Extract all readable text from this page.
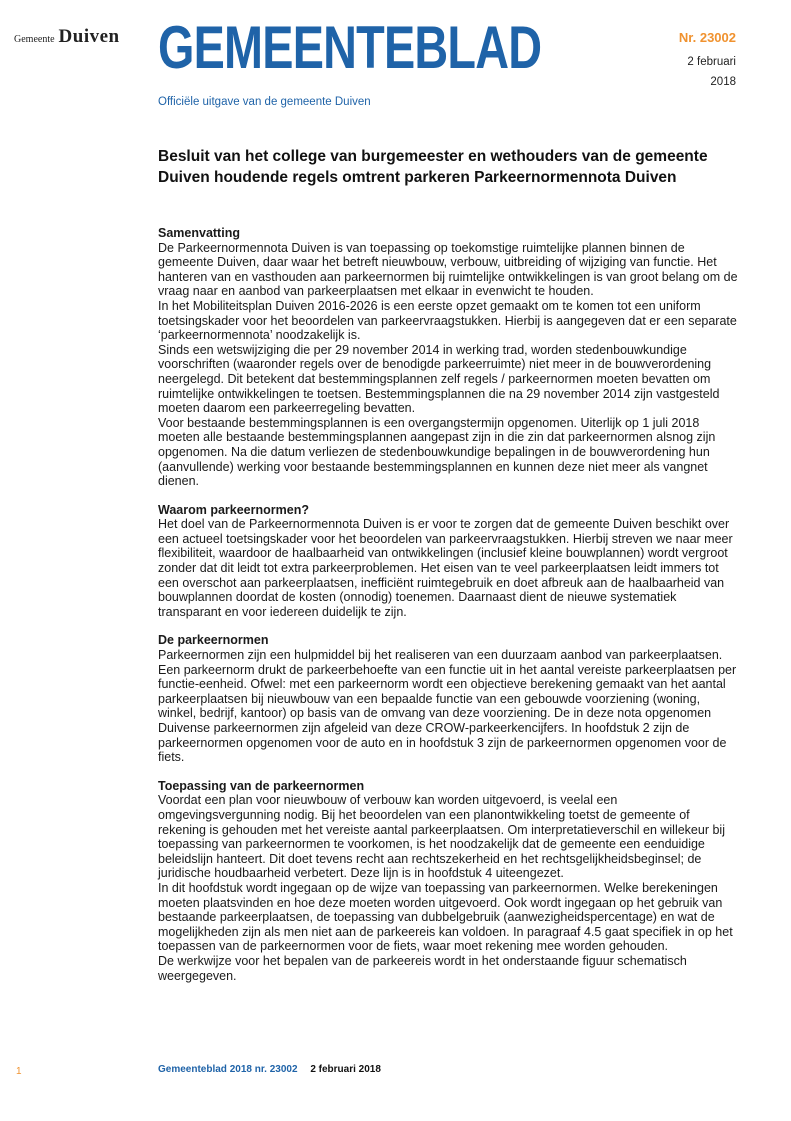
Gemeente Duiven GEMEENTEBLAD
Officiële uitgave van de gemeente Duiven
Nr. 23002
2 februari 2018
Besluit van het college van burgemeester en wethouders van de gemeente Duiven houdende regels omtrent parkeren Parkeernormennota Duiven
Samenvatting

De Parkeernormennota Duiven is van toepassing op toekomstige ruimtelijke plannen binnen de gemeente Duiven, daar waar het betreft nieuwbouw, verbouw, uitbreiding of wijziging van functie. Het hanteren van en vasthouden aan parkeernormen bij ruimtelijke ontwikkelingen is van groot belang om de vraag naar en aanbod van parkeerplaatsen met elkaar in evenwicht te houden.

In het Mobiliteitsplan Duiven 2016-2026 is een eerste opzet gemaakt om te komen tot een uniform toetsingskader voor het beoordelen van parkeervraagstukken. Hierbij is aangegeven dat er een separate ‘parkeernormennota’ noodzakelijk is.

Sinds een wetswijziging die per 29 november 2014 in werking trad, worden stedenbouwkundige voorschriften (waaronder regels over de benodigde parkeerruimte) niet meer in de bouwverordening neergelegd. Dit betekent dat bestemmingsplannen zelf regels / parkeernormen moeten bevatten om ruimtelijke ontwikkelingen te toetsen. Bestemmingsplannen die na 29 november 2014 zijn vastgesteld moeten daarom een parkeerregeling bevatten.

Voor bestaande bestemmingsplannen is een overgangstermijn opgenomen. Uiterlijk op 1 juli 2018 moeten alle bestaande bestemmingsplannen aangepast zijn in die zin dat parkeernormen alsnog zijn opgenomen. Na die datum verliezen de stedenbouwkundige bepalingen in de bouwverordening hun (aanvullende) werking voor bestaande bestemmingsplannen en kunnen deze niet meer als vangnet dienen.

Waarom parkeernormen?

Het doel van de Parkeernormennota Duiven is er voor te zorgen dat de gemeente Duiven beschikt over een actueel toetsingskader voor het beoordelen van parkeervraagstukken. Hierbij streven we naar meer flexibiliteit, waardoor de haalbaarheid van ontwikkelingen (inclusief kleine bouwplannen) wordt vergroot zonder dat dit leidt tot extra parkeerproblemen. Het eisen van te veel parkeerplaatsen leidt immers tot een overschot aan parkeerplaatsen, inefficiënt ruimtegebruik en doet afbreuk aan de haalbaarheid van bouwplannen doordat de kosten (onnodig) toenemen. Daarnaast dient de nieuwe systematiek transparant en voor iedereen duidelijk te zijn.

De parkeernormen

Parkeernormen zijn een hulpmiddel bij het realiseren van een duurzaam aanbod van parkeerplaatsen. Een parkeernorm drukt de parkeerbehoefte van een functie uit in het aantal vereiste parkeerplaatsen per functie-eenheid. Ofwel: met een parkeernorm wordt een objectieve berekening gemaakt van het aantal parkeerplaatsen bij nieuwbouw van een bepaalde functie van een gebouwde voorziening (woning, winkel, bedrijf, kantoor) op basis van de omvang van deze voorziening. De in deze nota opgenomen Duivense parkeernormen zijn afgeleid van deze CROW-parkeerkencijfers. In hoofdstuk 2 zijn de parkeernormen opgenomen voor de auto en in hoofdstuk 3 zijn de parkeernormen opgenomen voor de fiets.

Toepassing van de parkeernormen

Voordat een plan voor nieuwbouw of verbouw kan worden uitgevoerd, is veelal een omgevingsvergunning nodig. Bij het beoordelen van een planontwikkeling toetst de gemeente of rekening is gehouden met het vereiste aantal parkeerplaatsen. Om interpretatieverschil en willekeur bij toepassing van parkeernormen te voorkomen, is het noodzakelijk dat de gemeente een eenduidige beleidslijn hanteert. Dit doet tevens recht aan rechtszekerheid en het rechtsgelijkheidsbeginsel; de juridische houdbaarheid verbetert. Deze lijn is in hoofdstuk 4 uiteengezet.

In dit hoofdstuk wordt ingegaan op de wijze van toepassing van parkeernormen. Welke berekeningen moeten plaatsvinden en hoe deze moeten worden uitgevoerd. Ook wordt ingegaan op het gebruik van bestaande parkeerplaatsen, de toepassing van dubbelgebruik (aanwezigheidspercentage) en wat de mogelijkheden zijn als men niet aan de parkeereis kan voldoen. In paragraaf 4.5 gaat specifiek in op het toepassen van de parkeernormen voor de fiets, waar moet rekening mee worden gehouden.

De werkwijze voor het bepalen van de parkeereis wordt in het onderstaande figuur schematisch weergegeven.

1	Gemeenteblad 2018 nr. 23002 2 februari 2018
